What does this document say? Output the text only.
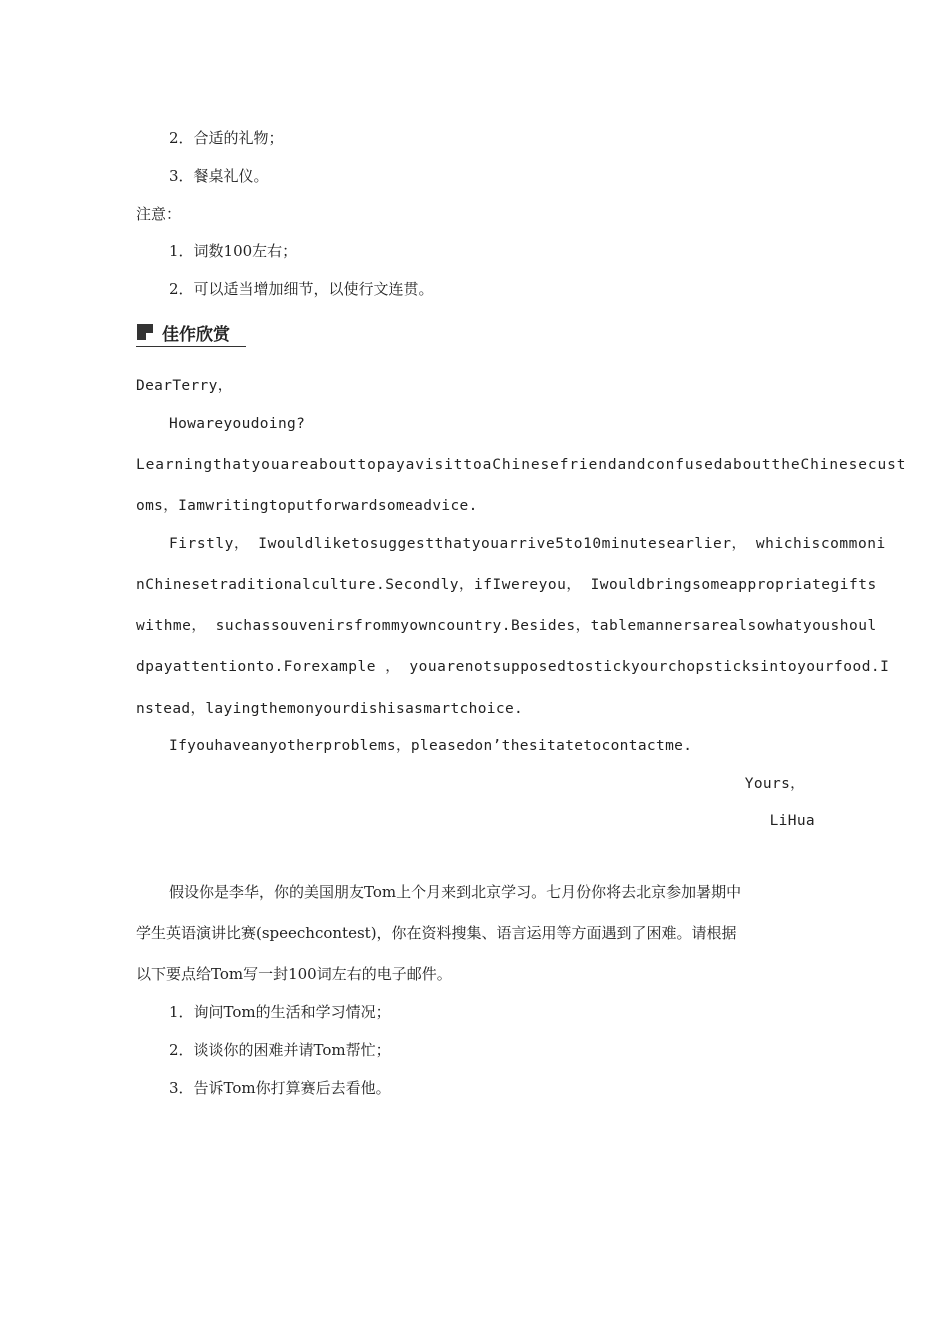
2．合适的礼物；
3．餐桌礼仪。
注意：
1．词数100左右；
2．可以适当增加细节，以使行文连贯。
佳作欣赏
DearTerry，
Howareyoudoing?
LearningthatyouareabouttopayavisittoaChinesefriendandconfusedabouttheChinesecust
oms，Iamwritingtoputforwardsomeadvice.
Firstly， Iwouldliketosuggestthatyouarrive5to10minutesearlier， whichiscommoni
nChinesetraditionalculture.Secondly，ifIwereyou， Iwouldbringsomeappropriategifts
withme， suchassouvenirsfrommyowncountry.Besides，tablemannersarealsowhatyoushoul
dpayattentionto.Forexample ， youarenotsupposedtostickyourchopsticksintoyourfood.I
nstead，layingthemonyourdishisasmartchoice.
Ifyouhaveanyotherproblems，pleasedon’thesitatetocontactme.
Yours，
LiHua
假设你是李华，你的美国朋友Tom上个月来到北京学习。七月份你将去北京参加暑期中
学生英语演讲比赛(speechcontest)，你在资料搜集、语言运用等方面遇到了困难。请根据
以下要点给Tom写一封100词左右的电子邮件。
1．询问Tom的生活和学习情况；
2．谈谈你的困难并请Tom帮忙；
3．告诉Tom你打算赛后去看他。
